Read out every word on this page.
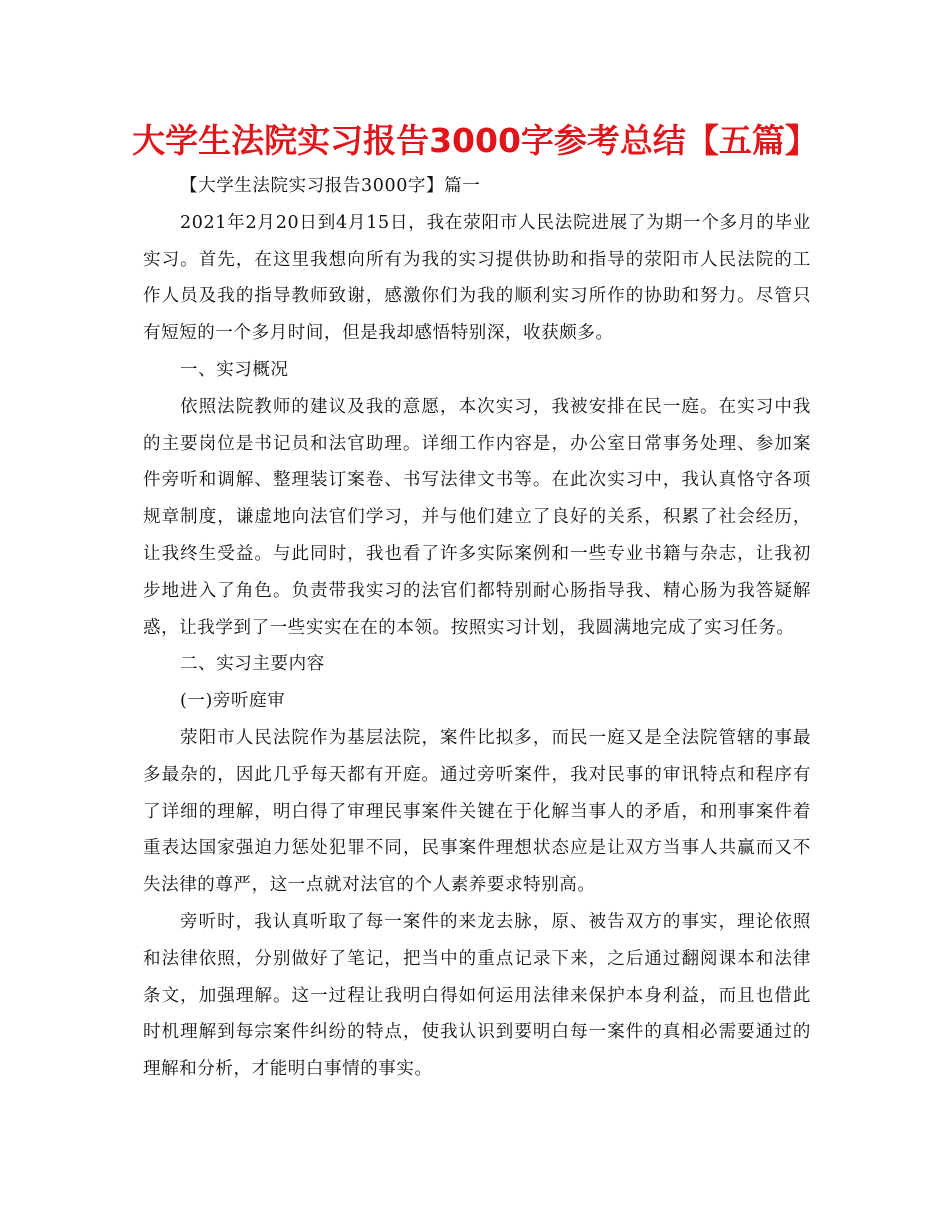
大学生法院实习报告3000字参考总结【五篇】

【大学生法院实习报告3000字】篇一

2021年2月20日到4月15日，我在荥阳市人民法院进展了为期一个多月的毕业实习。首先，在这里我想向所有为我的实习提供协助和指导的荥阳市人民法院的工作人员及我的指导教师致谢，感激你们为我的顺利实习所作的协助和努力。尽管只有短短的一个多月时间，但是我却感悟特别深，收获颇多。

一、实习概况

依照法院教师的建议及我的意愿，本次实习，我被安排在民一庭。在实习中我的主要岗位是书记员和法官助理。详细工作内容是，办公室日常事务处理、参加案件旁听和调解、整理装订案卷、书写法律文书等。在此次实习中，我认真恪守各项规章制度，谦虚地向法官们学习，并与他们建立了良好的关系，积累了社会经历，让我终生受益。与此同时，我也看了许多实际案例和一些专业书籍与杂志，让我初步地进入了角色。负责带我实习的法官们都特别耐心肠指导我、精心肠为我答疑解惑，让我学到了一些实实在在的本领。按照实习计划，我圆满地完成了实习任务。

二、实习主要内容

(一)旁听庭审

荥阳市人民法院作为基层法院，案件比拟多，而民一庭又是全法院管辖的事最多最杂的，因此几乎每天都有开庭。通过旁听案件，我对民事的审讯特点和程序有了详细的理解，明白得了审理民事案件关键在于化解当事人的矛盾，和刑事案件着重表达国家强迫力惩处犯罪不同，民事案件理想状态应是让双方当事人共赢而又不失法律的尊严，这一点就对法官的个人素养要求特别高。

旁听时，我认真听取了每一案件的来龙去脉，原、被告双方的事实，理论依照和法律依照，分别做好了笔记，把当中的重点记录下来，之后通过翻阅课本和法律条文，加强理解。这一过程让我明白得如何运用法律来保护本身利益，而且也借此时机理解到每宗案件纠纷的特点，使我认识到要明白每一案件的真相必需要通过的理解和分析，才能明白事情的事实。
